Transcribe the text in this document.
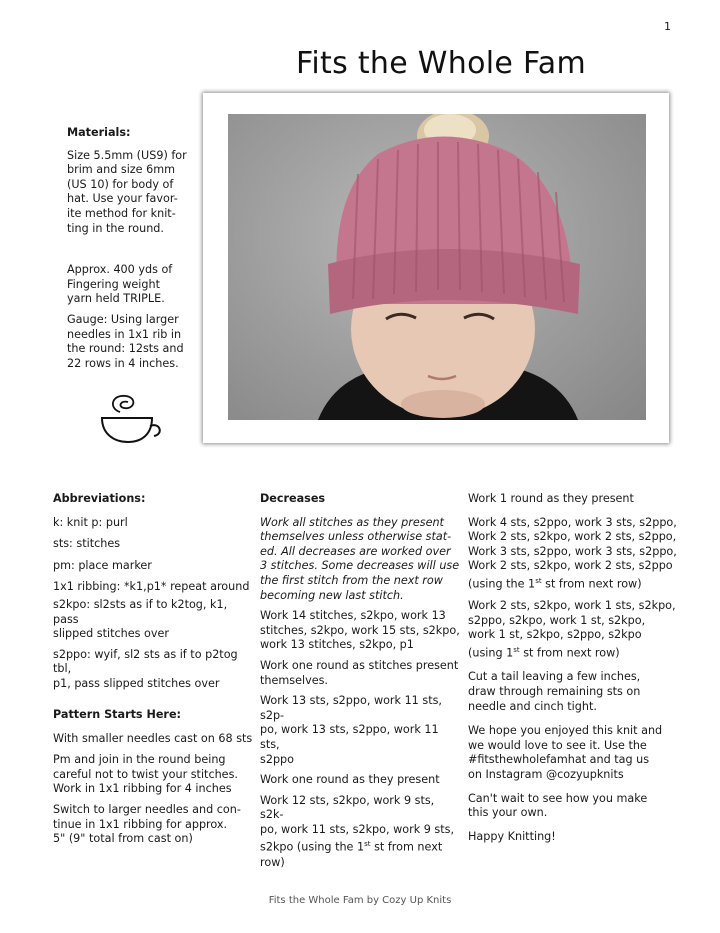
1
Fits the Whole Fam

Materials:

Size 5.5mm (US9) for
brim and size 6mm
(US 10) for body of
hat. Use your favor-
ite method for knit-
ting in the round.

Approx. 400 yds of
Fingering weight
yarn held TRIPLE.

Gauge: Using larger
needles in 1x1 rib in
the round: 12sts and
22 rows in 4 inches.

Abbreviations:

k: knit p: purl

sts: stitches

pm: place marker

1x1 ribbing: *k1,p1* repeat around

s2kpo: sl2sts as if to k2tog, k1, pass
slipped stitches over

s2ppo: wyif, sl2 sts as if to p2tog tbl,
p1, pass slipped stitches over

Pattern Starts Here:

With smaller needles cast on 68 sts

Pm and join in the round being
careful not to twist your stitches.
Work in 1x1 ribbing for 4 inches

Switch to larger needles and con-
tinue in 1x1 ribbing for approx.
5" (9" total from cast on)

Decreases

Work all stitches as they present
themselves unless otherwise stat-
ed. All decreases are worked over
3 stitches. Some decreases will use
the first stitch from the next row
becoming new last stitch.

Work 14 stitches, s2kpo, work 13
stitches, s2kpo, work 15 sts, s2kpo,
work 13 stitches, s2kpo, p1

Work one round as stitches present
themselves.

Work 13 sts, s2ppo, work 11 sts, s2p-
po, work 13 sts, s2ppo, work 11 sts,
s2ppo

Work one round as they present

Work 12 sts, s2kpo, work 9 sts, s2k-
po, work 11 sts, s2kpo, work 9 sts,
s2kpo (using the 1st st from next
row)

Work 1 round as they present

Work 4 sts, s2ppo, work 3 sts, s2ppo,
Work 2 sts, s2kpo, work 2 sts, s2ppo,
Work 3 sts, s2ppo, work 3 sts, s2ppo,
Work 2 sts, s2kpo, work 2 sts, s2ppo
(using the 1st st from next row)

Work 2 sts, s2kpo, work 1 sts, s2kpo,
s2ppo, s2kpo, work 1 st, s2kpo,
work 1 st, s2kpo, s2ppo, s2kpo
(using 1st st from next row)

Cut a tail leaving a few inches,
draw through remaining sts on
needle and cinch tight.

We hope you enjoyed this knit and
we would love to see it. Use the
#fitsthewholefamhat and tag us
on Instagram @cozyupknits

Can't wait to see how you make
this your own.

Happy Knitting!

Fits the Whole Fam by Cozy Up Knits
